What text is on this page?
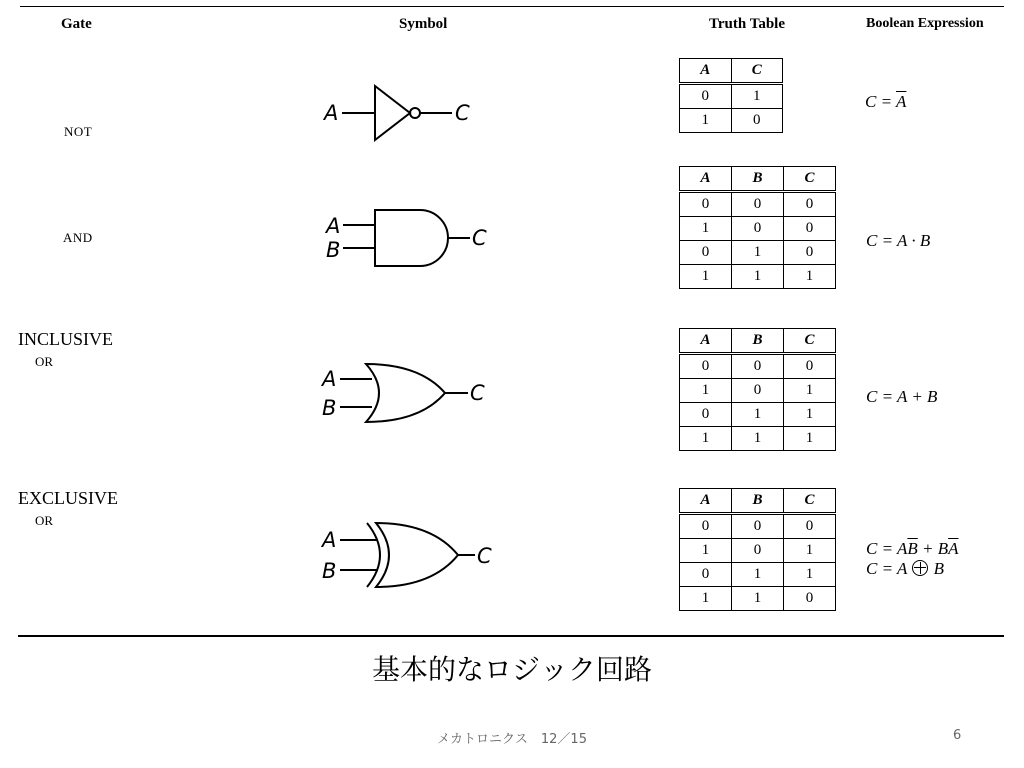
Gate	Symbol	Truth Table	Boolean Expression
NOT
A	C
A	C
0	1
1	0
$C = \overline{A}$
AND	A
B	C
A	B	C
0	0	0
1	0	0
0	1	0
1	1	1
C = A · B
INCLUSIVE
OR
A
B
C
A	B	C
0	0	0
1	0	1
0	1	1
1	1	1
C = A + B
EXCLUSIVE
OR
A
B
C
A	B	C
0	0	0
1	0	1
0	1	1
1	1	0
$C = A\overline{B} + B\overline{A}$
C = A  B
基本的なロジック回路
メカトロニクス　12／15	6
